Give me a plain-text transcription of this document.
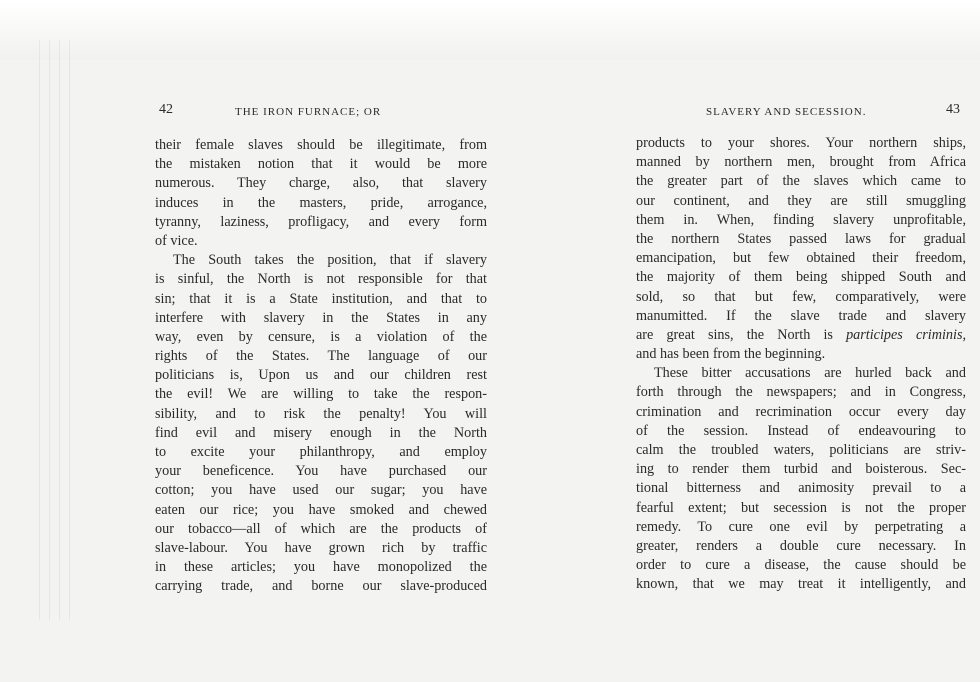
42	THE IRON FURNACE; OR
their female slaves should be illegitimate, from
the mistaken notion that it would be more
numerous. They charge, also, that slavery
induces in the masters, pride, arrogance,
tyranny, laziness, profligacy, and every form
of vice.
The South takes the position, that if slavery
is sinful, the North is not responsible for that
sin; that it is a State institution, and that to
interfere with slavery in the States in any
way, even by censure, is a violation of the
rights of the States. The language of our
politicians is, Upon us and our children rest
the evil! We are willing to take the respon-
sibility, and to risk the penalty! You will
find evil and misery enough in the North
to excite your philanthropy, and employ
your beneficence. You have purchased our
cotton; you have used our sugar; you have
eaten our rice; you have smoked and chewed
our tobacco—all of which are the products of
slave-labour. You have grown rich by traffic
in these articles; you have monopolized the
carrying trade, and borne our slave-produced
SLAVERY AND SECESSION.	43
products to your shores. Your northern ships,
manned by northern men, brought from Africa
the greater part of the slaves which came to
our continent, and they are still smuggling
them in. When, finding slavery unprofitable,
the northern States passed laws for gradual
emancipation, but few obtained their freedom,
the majority of them being shipped South and
sold, so that but few, comparatively, were
manumitted. If the slave trade and slavery
are great sins, the North is participes criminis,
and has been from the beginning.
These bitter accusations are hurled back and
forth through the newspapers; and in Congress,
crimination and recrimination occur every day
of the session. Instead of endeavouring to
calm the troubled waters, politicians are striv-
ing to render them turbid and boisterous. Sec-
tional bitterness and animosity prevail to a
fearful extent; but secession is not the proper
remedy. To cure one evil by perpetrating a
greater, renders a double cure necessary. In
order to cure a disease, the cause should be
known, that we may treat it intelligently, and
